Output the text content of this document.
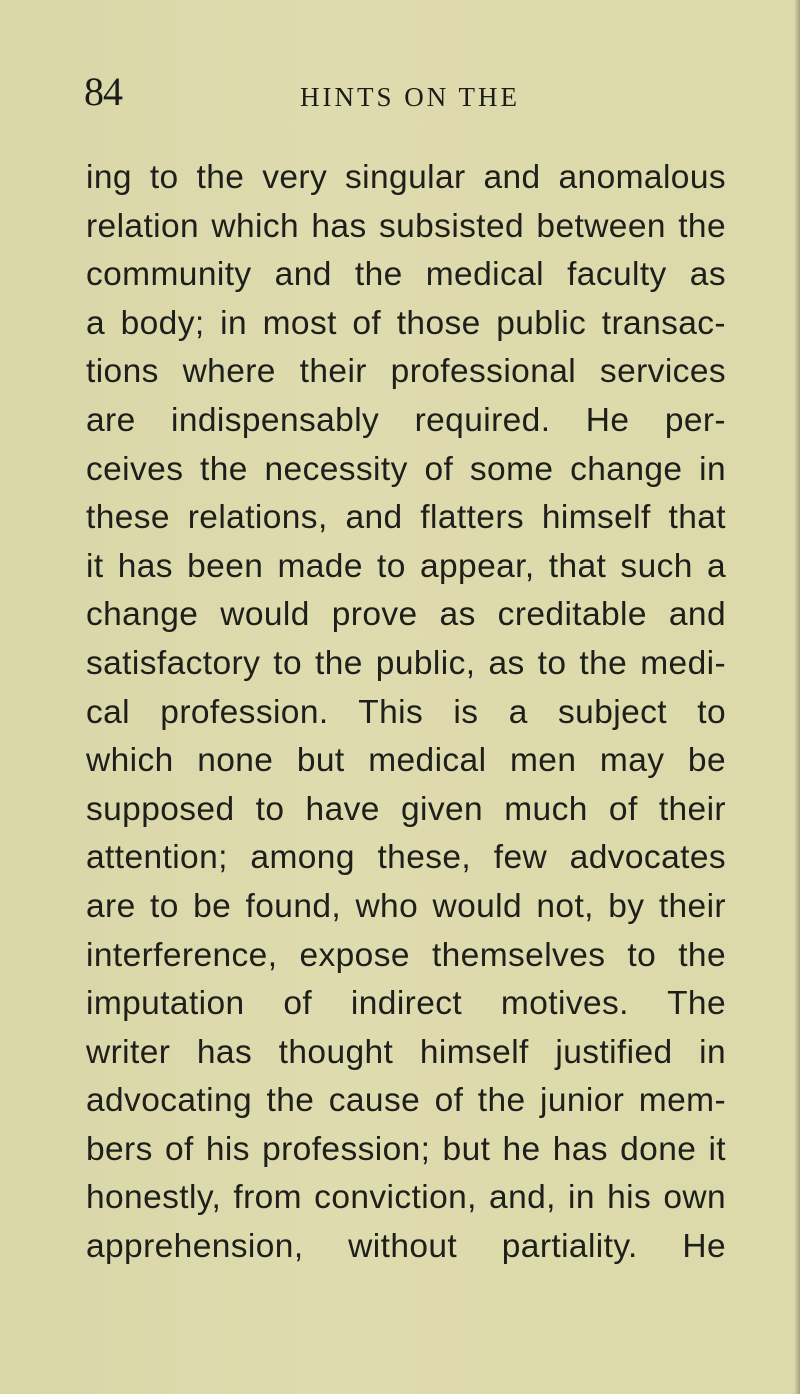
84	HINTS ON THE
ing to the very singular and anomalous
relation which has subsisted between the
community and the medical faculty as
a body; in most of those public transac-
tions where their professional services
are indispensably required. He per-
ceives the necessity of some change in
these relations, and flatters himself that
it has been made to appear, that such a
change would prove as creditable and
satisfactory to the public, as to the medi-
cal profession. This is a subject to
which none but medical men may be
supposed to have given much of their
attention; among these, few advocates
are to be found, who would not, by their
interference, expose themselves to the
imputation of indirect motives. The
writer has thought himself justified in
advocating the cause of the junior mem-
bers of his profession; but he has done it
honestly, from conviction, and, in his own
apprehension, without partiality. He
